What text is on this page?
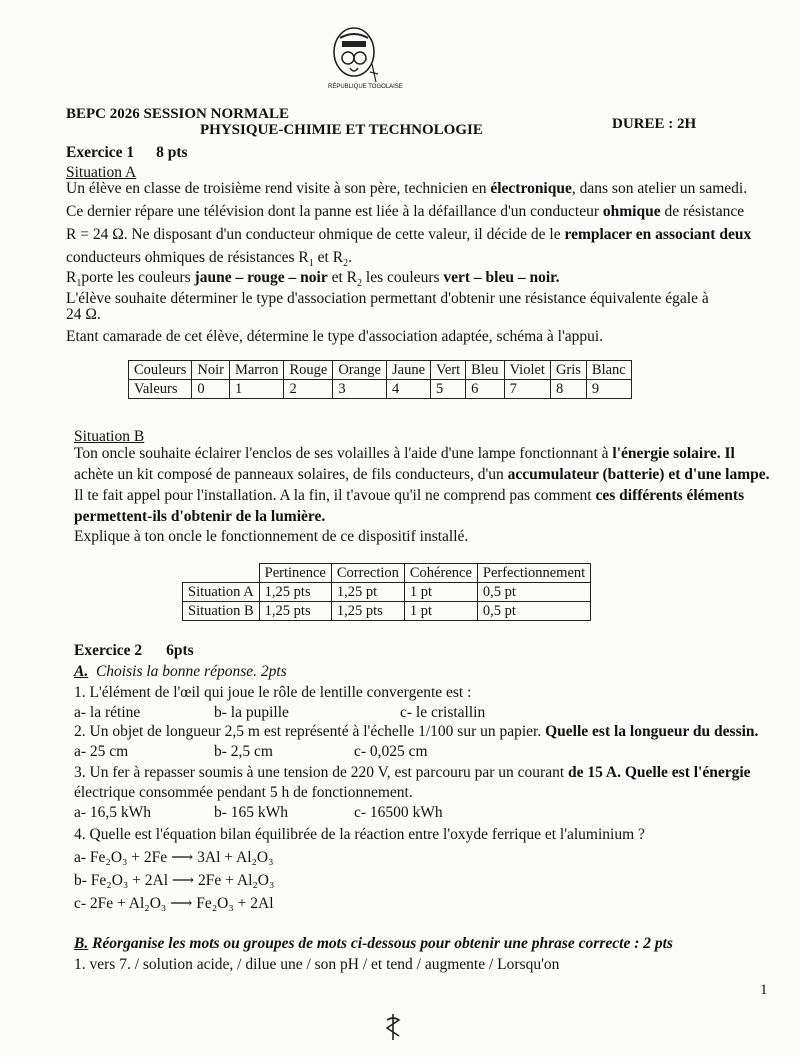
RÉPUBLIQUE TOGOLAISE
BEPC 2026 SESSION NORMALE
PHYSIQUE-CHIMIE ET TECHNOLOGIE	DUREE : 2H
Exercice 1 8 pts
Situation A
Un élève en classe de troisième rend visite à son père, technicien en électronique, dans son atelier un samedi.
Ce dernier répare une télévision dont la panne est liée à la défaillance d'un conducteur ohmique de résistance
R = 24 Ω. Ne disposant d'un conducteur ohmique de cette valeur, il décide de le remplacer en associant deux
conducteurs ohmiques de résistances $R_1$ et $R_2$.
$R_1porte$ les couleurs jaune – rouge – noir et $R_2$ les couleurs vert – bleu – noir.
L'élève souhaite déterminer le type d'association permettant d'obtenir une résistance équivalente égale à
24 Ω.
Etant camarade de cet élève, détermine le type d'association adaptée, schéma à l'appui.
Couleurs	Noir	Marron	Rouge	Orange	Jaune	Vert	Bleu	Violet	Gris	Blanc
Valeurs	0	1	2	3	4	5	6	7	8	9
Situation B
Ton oncle souhaite éclairer l'enclos de ses volailles à l'aide d'une lampe fonctionnant à l'énergie solaire. Il
achète un kit composé de panneaux solaires, de fils conducteurs, d'un accumulateur (batterie) et d'une lampe.
Il te fait appel pour l'installation. A la fin, il t'avoue qu'il ne comprend pas comment ces différents éléments
permettent-ils d'obtenir de la lumière.
Explique à ton oncle le fonctionnement de ce dispositif installé.
	Pertinence	Correction	Cohérence	Perfectionnement
Situation A	1,25 pts	1,25 pt	1 pt	0,5 pt
Situation B	1,25 pts	1,25 pts	1 pt	0,5 pt
Exercice 2 6pts
A. Choisis la bonne réponse. 2pts
1. L'élément de l'œil qui joue le rôle de lentille convergente est :
a- la rétine	b- la pupille	c- le cristallin
2. Un objet de longueur 2,5 m est représenté à l'échelle 1/100 sur un papier. Quelle est la longueur du dessin.
a- 25 cm	b- 2,5 cm	c- 0,025 cm
3. Un fer à repasser soumis à une tension de 220 V, est parcouru par un courant de 15 A. Quelle est l'énergie
électrique consommée pendant 5 h de fonctionnement.
a- 16,5 kWh	b- 165 kWh	c- 16500 kWh
4. Quelle est l'équation bilan équilibrée de la réaction entre l'oxyde ferrique et l'aluminium ?
a- Fe₂O₃ + 2Fe ⟶ 3Al + Al₂O₃
b- Fe₂O₃ + 2Al ⟶ 2Fe + Al₂O₃
c- 2Fe + Al₂O₃ ⟶ Fe₂O₃ + 2Al
B. Réorganise les mots ou groupes de mots ci-dessous pour obtenir une phrase correcte : 2 pts
1. vers 7. / solution acide, / dilue une / son pH / et tend / augmente / Lorsqu'on
1
